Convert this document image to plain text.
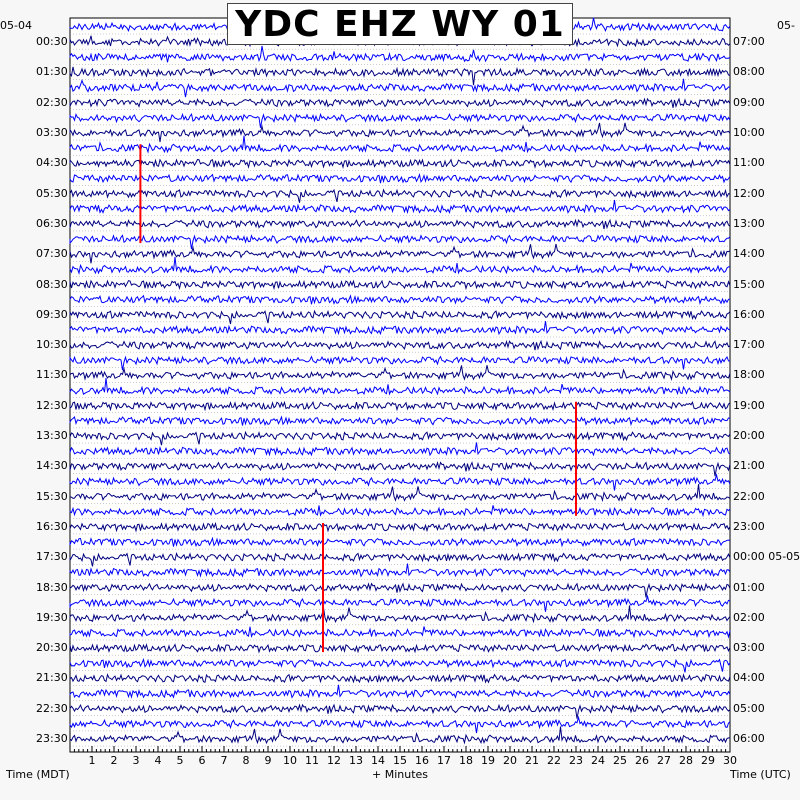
YDC EHZ WY 01
05-04	05-
00:30
01:30
02:30
03:30
04:30
05:30
06:30
07:30
08:30
09:30
10:30
11:30
12:30
13:30
14:30
15:30
16:30
17:30
18:30
19:30
20:30
21:30
22:30
23:30
07:00
08:00
09:00
10:00
11:00
12:00
13:00
14:00
15:00
16:00
17:00
18:00
19:00
20:00
21:00
22:00
23:00
00:00 05-05
01:00
02:00
03:00
04:00
05:00
06:00
1	2	3	4	5	6	7	8	9	10 11 12 13 14 15 16 17 18 19 20 21 22 23 24 25 26 27 28 29 30
Time (MDT)	+ Minutes	Time (UTC)
